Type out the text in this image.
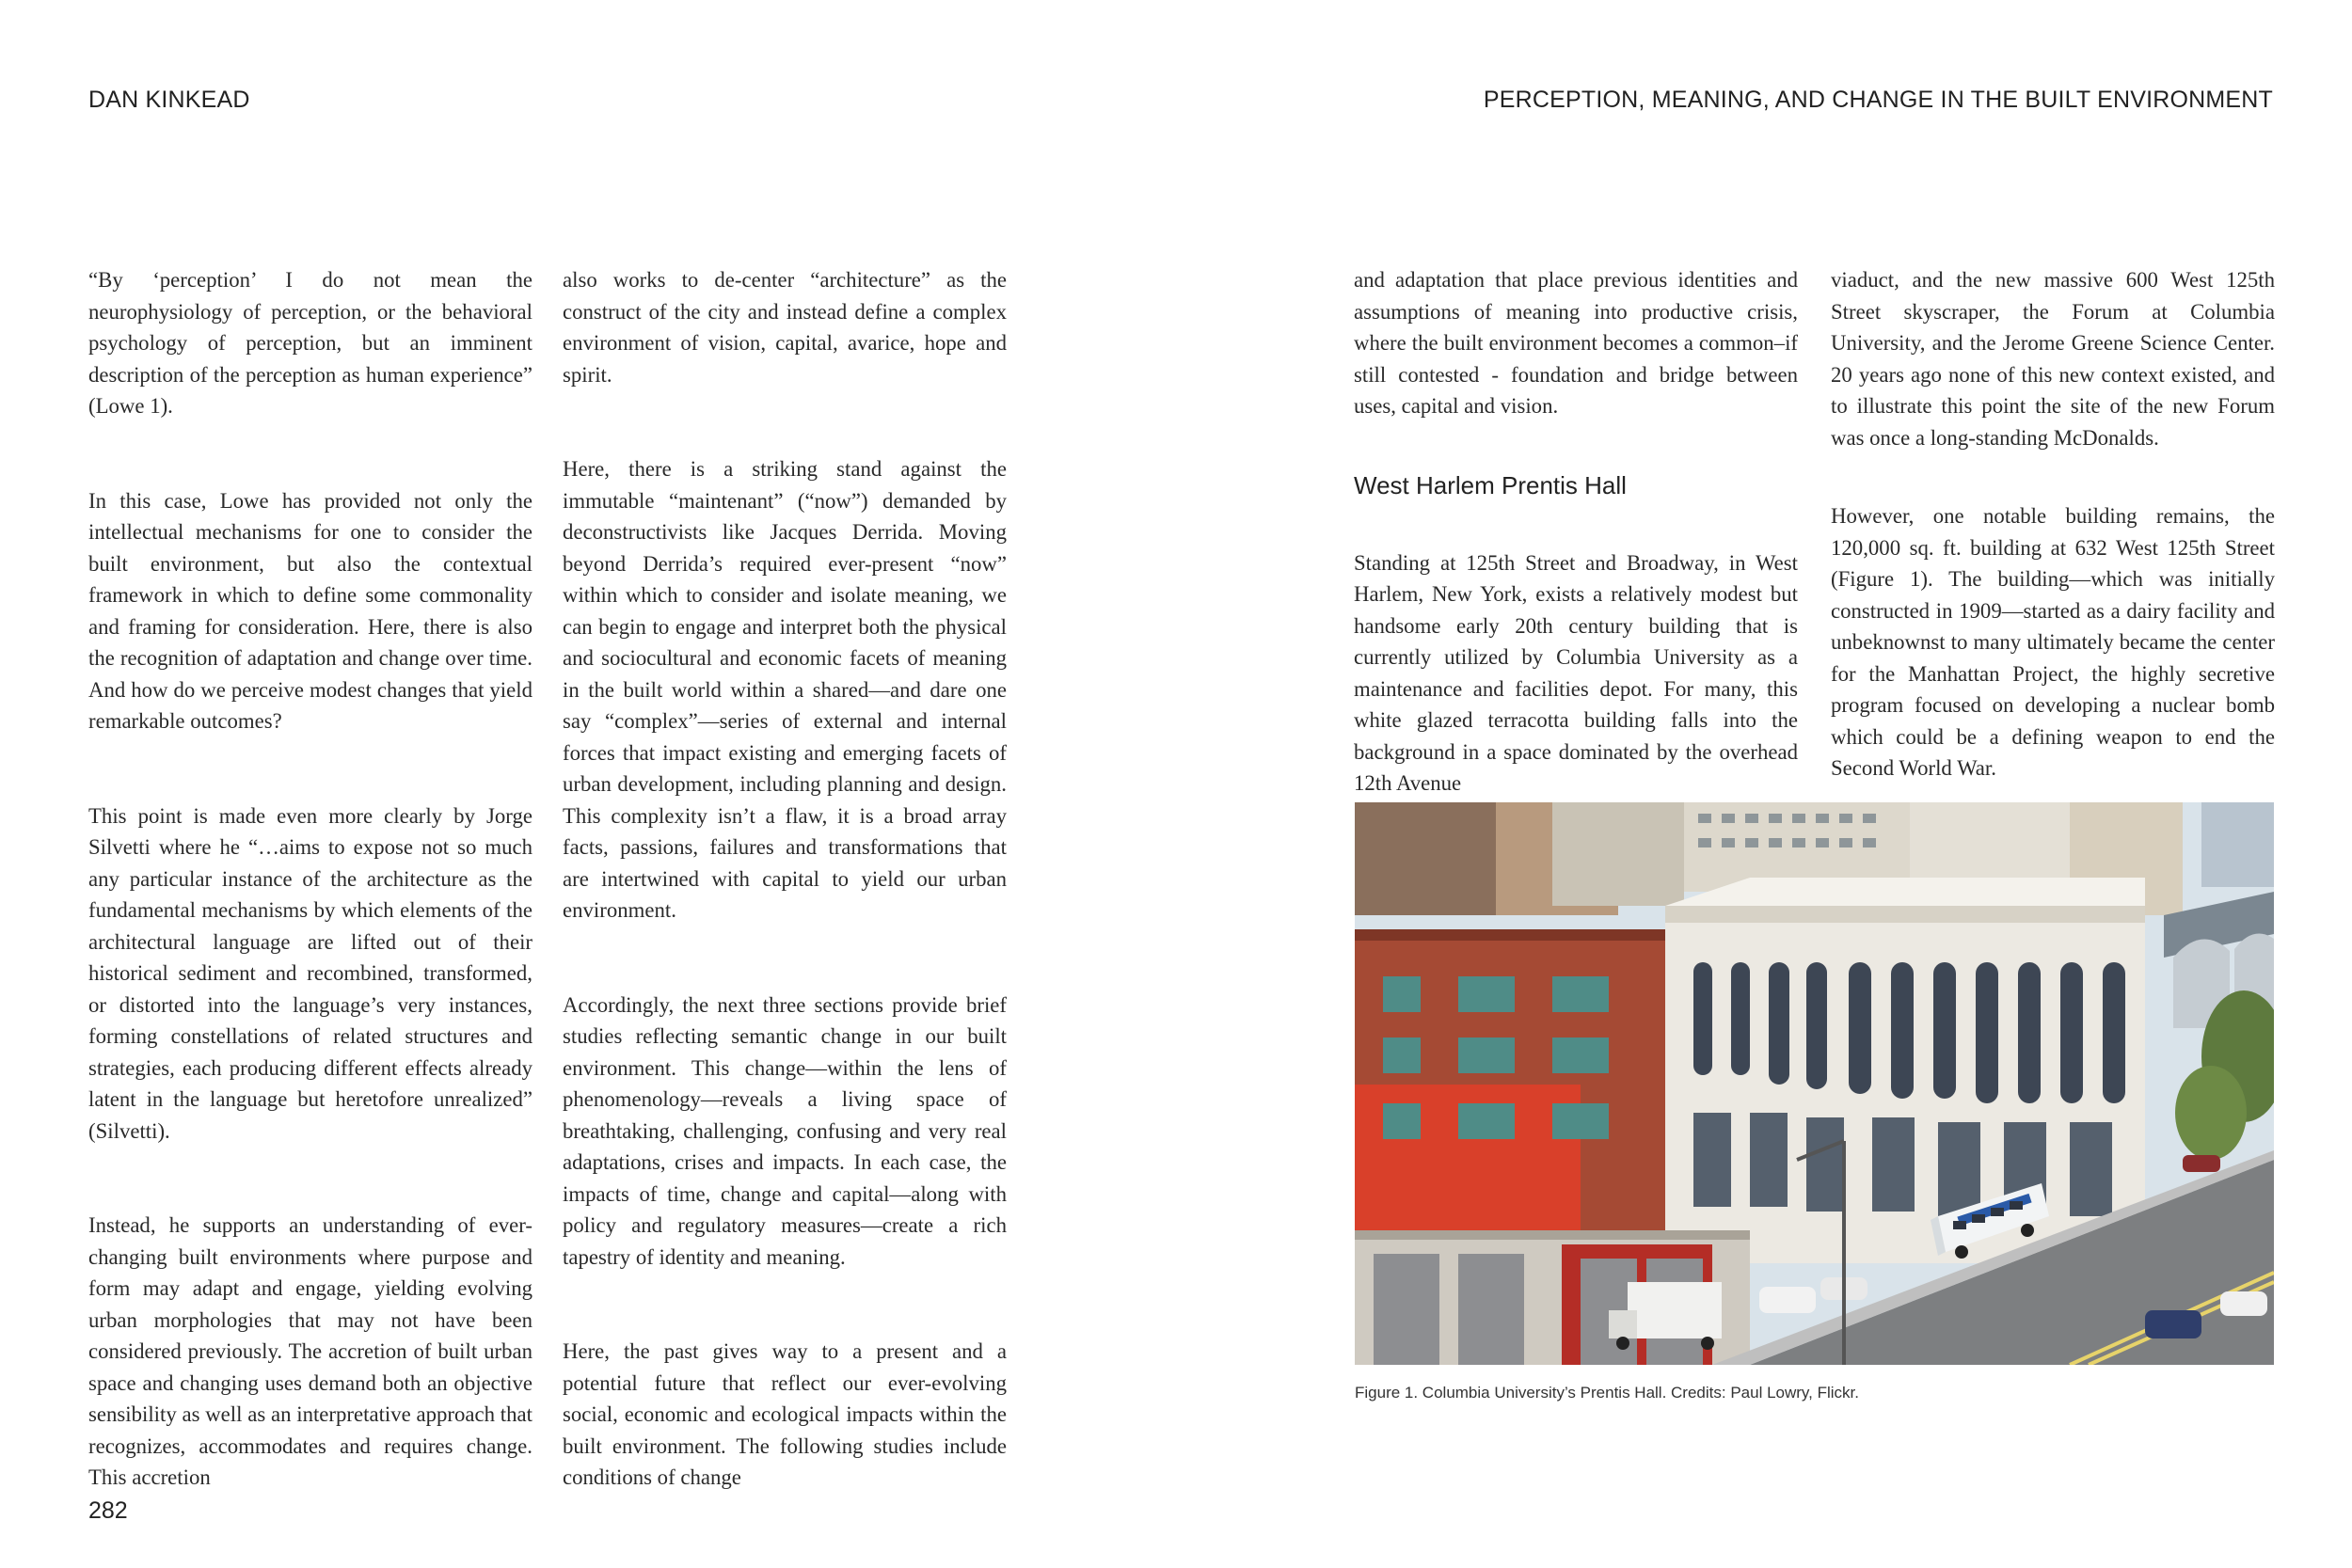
DAN KINKEAD	PERCEPTION, MEANING, AND CHANGE IN THE BUILT ENVIRONMENT

“By ‘perception’ I do not mean the neurophysiology of perception, or the behavioral psychology of perception, but an imminent description of the perception as human experience” (Lowe 1).

In this case, Lowe has provided not only the intellectual mechanisms for one to consider the built environment, but also the contextual framework in which to define some commonality and framing for consideration. Here, there is also the recognition of adaptation and change over time. And how do we perceive modest changes that yield remarkable outcomes?

This point is made even more clearly by Jorge Silvetti where he “…aims to expose not so much any particular instance of the architecture as the fundamental mechanisms by which elements of the architectural language are lifted out of their historical sediment and recombined, transformed, or distorted into the language’s very instances, forming constellations of related structures and strategies, each producing different effects already latent in the language but heretofore unrealized” (Silvetti).

Instead, he supports an understanding of ever-changing built environments where purpose and form may adapt and engage, yielding evolving urban morphologies that may not have been considered previously. The accretion of built urban space and changing uses demand both an objective sensibility as well as an interpretative approach that recognizes, accommodates and requires change. This accretion

also works to de-center “architecture” as the construct of the city and instead define a complex environment of vision, capital, avarice, hope and spirit.

Here, there is a striking stand against the immutable “maintenant” (“now”) demanded by deconstructivists like Jacques Derrida. Moving beyond Derrida’s required ever-present “now” within which to consider and isolate meaning, we can begin to engage and interpret both the physical and sociocultural and economic facets of meaning in the built world within a shared—and dare one say “complex”—series of external and internal forces that impact existing and emerging facets of urban development, including planning and design. This complexity isn’t a flaw, it is a broad array facts, passions, failures and transformations that are intertwined with capital to yield our urban environment.

Accordingly, the next three sections provide brief studies reflecting semantic change in our built environment. This change—within the lens of phenomenology—reveals a living space of breathtaking, challenging, confusing and very real adaptations, crises and impacts. In each case, the impacts of time, change and capital—along with policy and regulatory measures—create a rich tapestry of identity and meaning.

Here, the past gives way to a present and a potential future that reflect our ever-evolving social, economic and ecological impacts within the built environment. The following studies include conditions of change

and adaptation that place previous identities and assumptions of meaning into productive crisis, where the built environment becomes a common–if still contested - foundation and bridge between uses, capital and vision.

West Harlem Prentis Hall

Standing at 125th Street and Broadway, in West Harlem, New York, exists a relatively modest but handsome early 20th century building that is currently utilized by Columbia University as a maintenance and facilities depot. For many, this white glazed terracotta building falls into the background in a space dominated by the overhead 12th Avenue

viaduct, and the new massive 600 West 125th Street skyscraper, the Forum at Columbia University, and the Jerome Greene Science Center. 20 years ago none of this new context existed, and to illustrate this point the site of the new Forum was once a long-standing McDonalds.

However, one notable building remains, the 120,000 sq. ft. building at 632 West 125th Street (Figure 1). The building—which was initially constructed in 1909—started as a dairy facility and unbeknownst to many ultimately became the center for the Manhattan Project, the highly secretive program focused on developing a nuclear bomb which could be a defining weapon to end the Second World War.

Figure 1. Columbia University’s Prentis Hall. Credits: Paul Lowry, Flickr.
282
